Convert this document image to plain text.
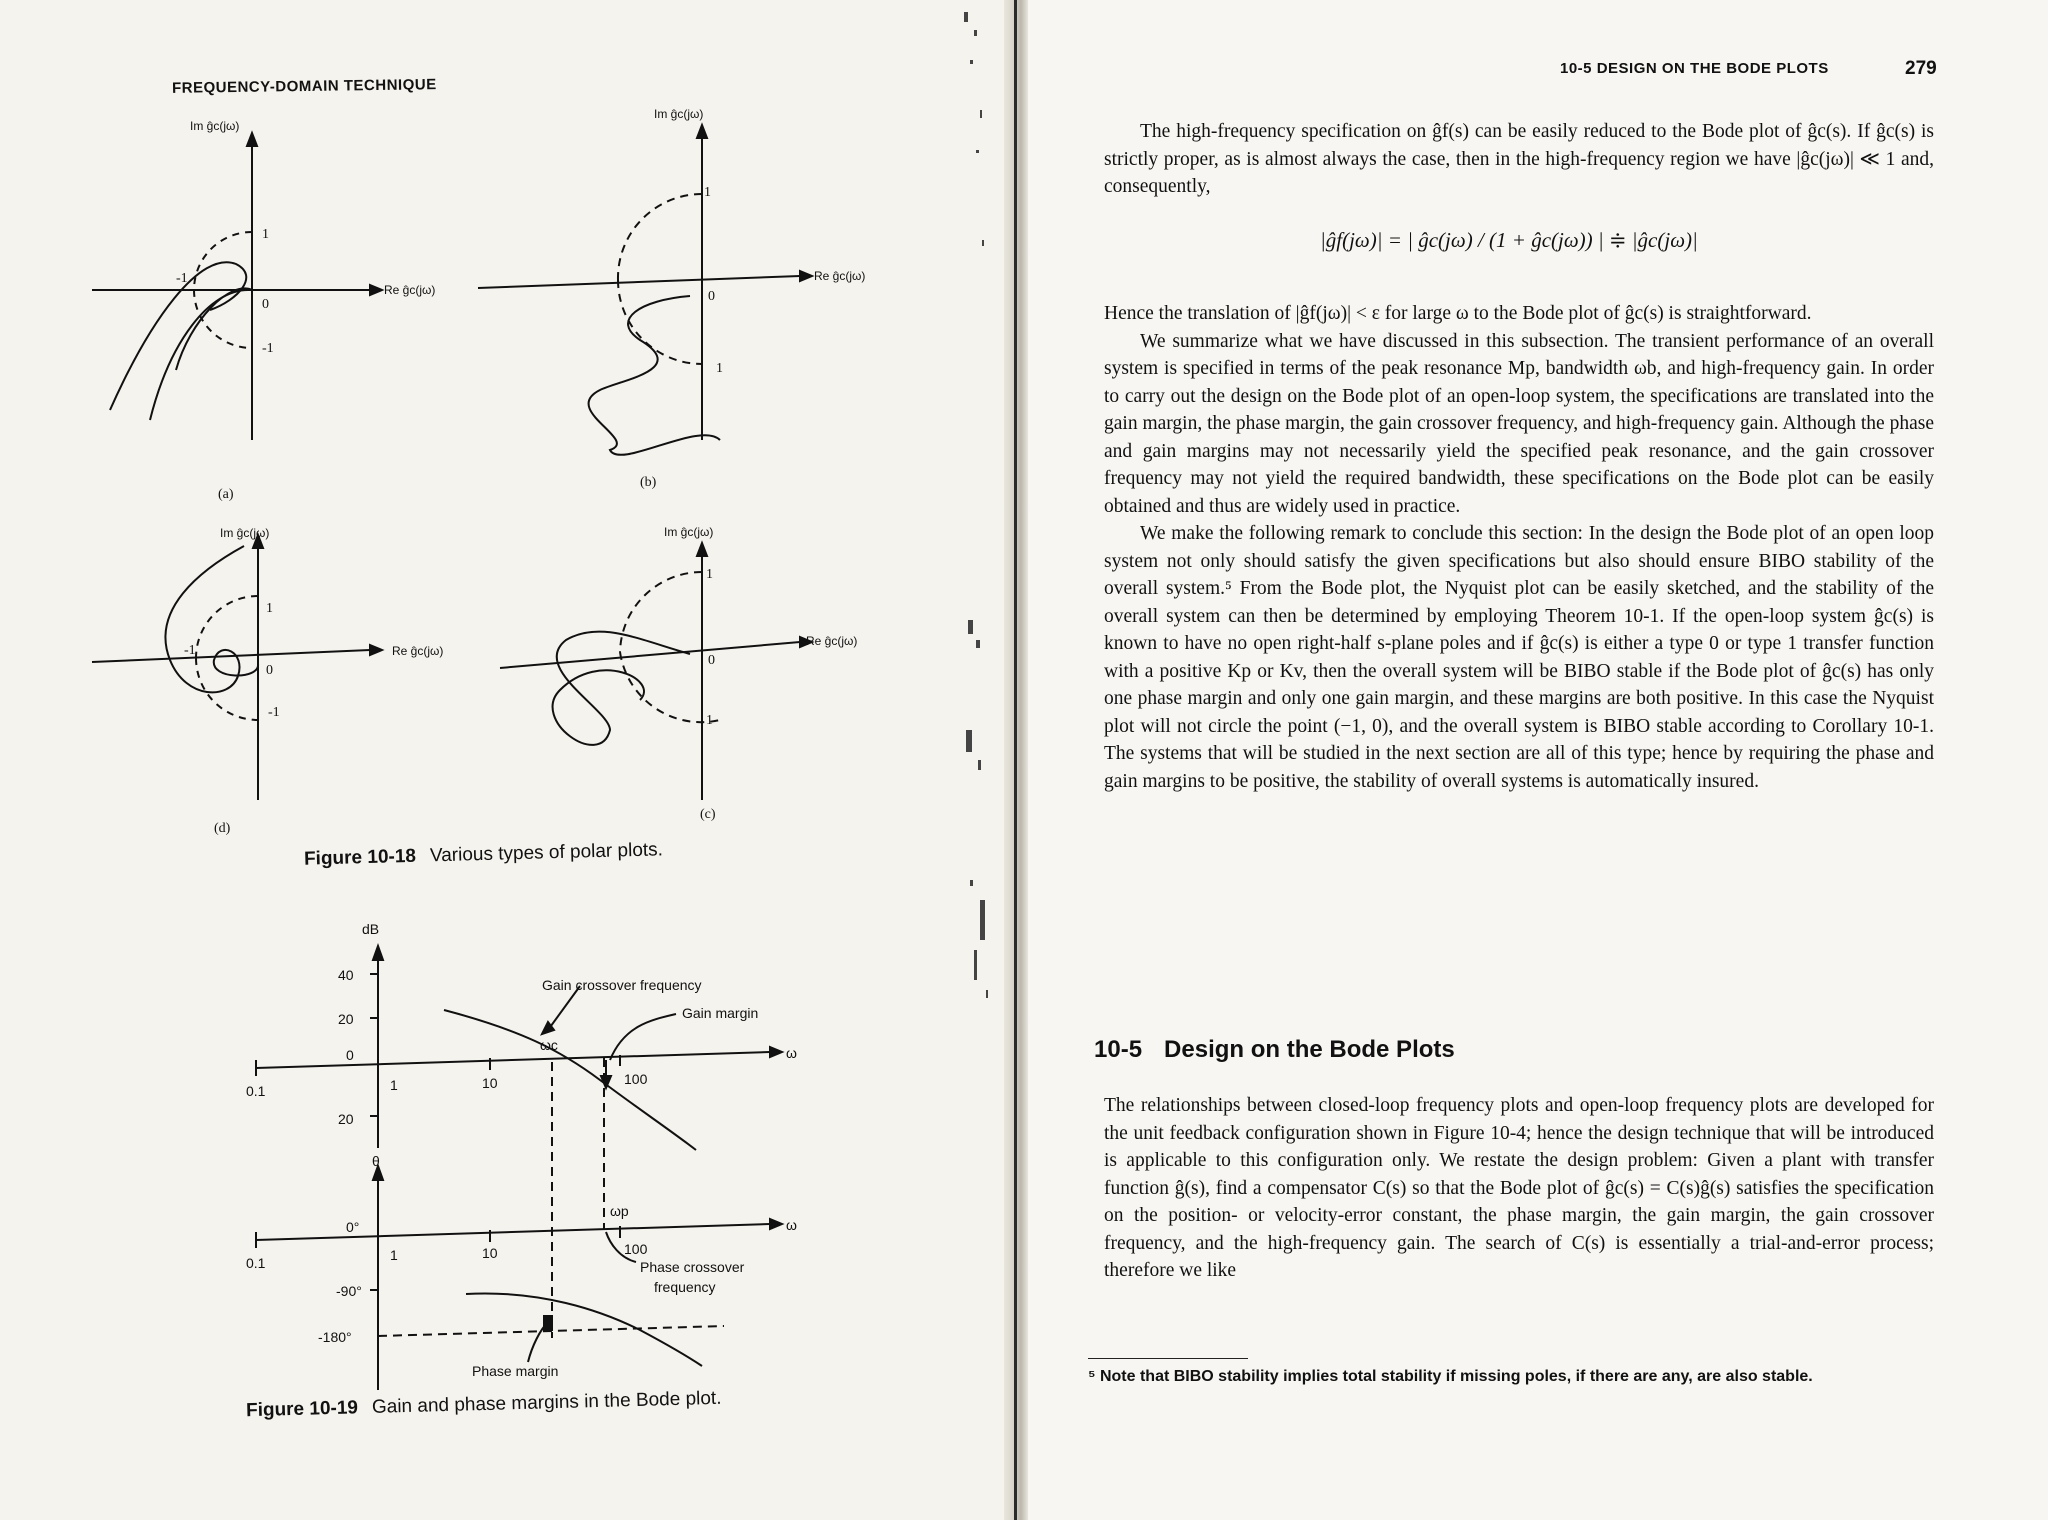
FREQUENCY-DOMAIN TECHNIQUE
Im ĝc(jω)
Re ĝc(jω)
Im ĝc(jω)
Re ĝc(jω)
Im ĝc(jω)
Re ĝc(jω)
Im ĝc(jω)
Re ĝc(jω)
1
0
-1
-1
1
0
1
1
0
-1
-1
1
0
1
(a)
(b)
(d)
(c)
Figure 10-18 Various types of polar plots.
dB
40
20
0
20
0.1	1	10	100
ω
ωc
Gain crossover frequency
Gain margin
θ
0°
-90°
-180°
0.1	1	10	100
ω
ωp
Phase crossover
frequency
Phase margin
Figure 10-19 Gain and phase margins in the Bode plot.
10-5 DESIGN ON THE BODE PLOTS	279

The high-frequency specification on ĝf(s) can be easily reduced to the Bode plot of ĝc(s). If ĝc(s) is strictly proper, as is almost always the case, then in the high-frequency region we have |ĝc(jω)| ≪ 1 and, consequently,

|ĝf(jω)| = | ĝc(jω) / (1 + ĝc(jω)) | ≑ |ĝc(jω)|

Hence the translation of |ĝf(jω)| < ε for large ω to the Bode plot of ĝc(s) is straightforward.

We summarize what we have discussed in this subsection. The transient performance of an overall system is specified in terms of the peak resonance Mp, bandwidth ωb, and high-frequency gain. In order to carry out the design on the Bode plot of an open-loop system, the specifications are translated into the gain margin, the phase margin, the gain crossover frequency, and high-frequency gain. Although the phase and gain margins may not necessarily yield the specified peak resonance, and the gain crossover frequency may not yield the required bandwidth, these specifications on the Bode plot can be easily obtained and thus are widely used in practice.

We make the following remark to conclude this section: In the design the Bode plot of an open loop system not only should satisfy the given specifications but also should ensure BIBO stability of the overall system.⁵ From the Bode plot, the Nyquist plot can be easily sketched, and the stability of the overall system can then be determined by employing Theorem 10-1. If the open-loop system ĝc(s) is known to have no open right-half s-plane poles and if ĝc(s) is either a type 0 or type 1 transfer function with a positive Kp or Kv, then the overall system will be BIBO stable if the Bode plot of ĝc(s) has only one phase margin and only one gain margin, and these margins are both positive. In this case the Nyquist plot will not circle the point (−1, 0), and the overall system is BIBO stable according to Corollary 10-1. The systems that will be studied in the next section are all of this type; hence by requiring the phase and gain margins to be positive, the stability of overall systems is automatically insured.

10-5 Design on the Bode Plots

The relationships between closed-loop frequency plots and open-loop frequency plots are developed for the unit feedback configuration shown in Figure 10-4; hence the design technique that will be introduced is applicable to this configuration only. We restate the design problem: Given a plant with transfer function ĝ(s), find a compensator C(s) so that the Bode plot of ĝc(s) = C(s)ĝ(s) satisfies the specification on the position- or velocity-error constant, the phase margin, the gain margin, the gain crossover frequency, and the high-frequency gain. The search of C(s) is essentially a trial-and-error process; therefore we like

⁵ Note that BIBO stability implies total stability if missing poles, if there are any, are also stable.
